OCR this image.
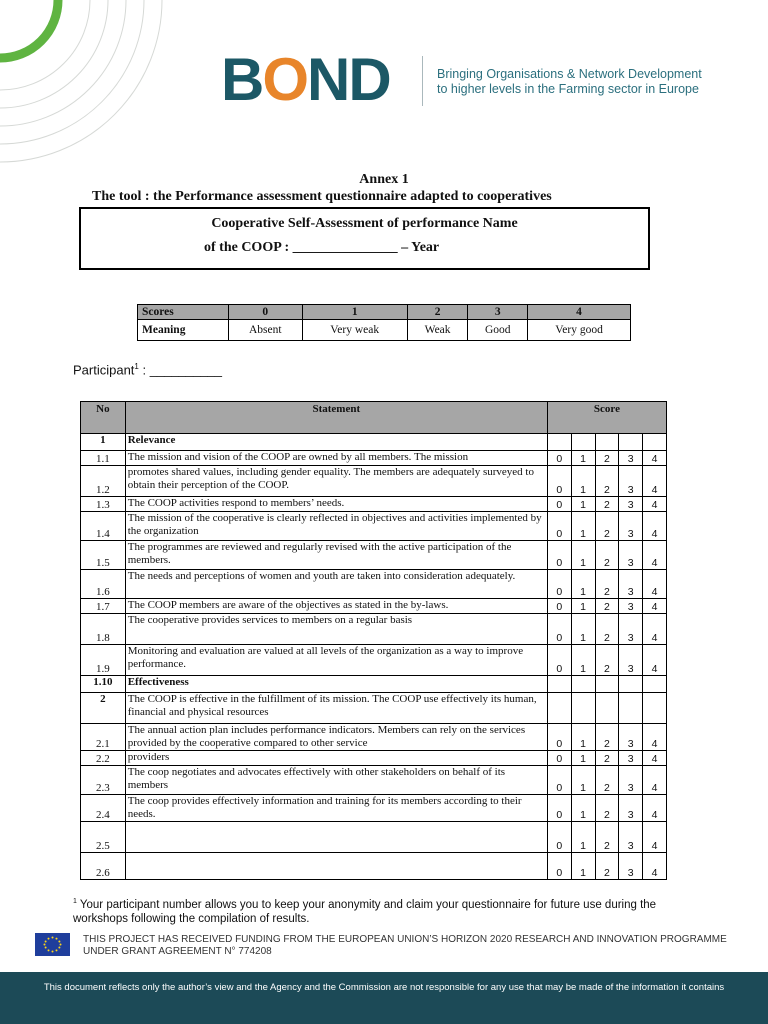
BOND	Bringing Organisations & Network Development
to higher levels in the Farming sector in Europe
Annex 1
The tool : the Performance assessment questionnaire adapted to cooperatives
Cooperative Self-Assessment of performance Name
of the COOP : _______________ – Year
Scores	0	1	2	3	4
Meaning	Absent	Very weak	Weak	Good	Very good
Participant$^1$ : __________
No	Statement	Score				
1	Relevance					
1.1	The mission and vision of the COOP are owned by all members. The mission	0	1	2	3	4
1.2	promotes shared values, including gender equality. The members are adequately surveyed to obtain their perception of the COOP.	0	1	2	3	4
1.3	The COOP activities respond to members’ needs.	0	1	2	3	4
1.4	The mission of the cooperative is clearly reflected in objectives and activities implemented by the organization	0	1	2	3	4
1.5	The programmes are reviewed and regularly revised with the active participation of the members.	0	1	2	3	4
1.6	The needs and perceptions of women and youth are taken into consideration adequately.	0	1	2	3	4
1.7	The COOP members are aware of the objectives as stated in the by-laws.	0	1	2	3	4
1.8	The cooperative provides services to members on a regular basis	0	1	2	3	4
1.9	Monitoring and evaluation are valued at all levels of the organization as a way to improve performance.	0	1	2	3	4
1.10	Effectiveness					
2	The COOP is effective in the fulfillment of its mission. The COOP use effectively its human, financial and physical resources					
2.1	The annual action plan includes performance indicators. Members can rely on the services provided by the cooperative compared to other service	0	1	2	3	4
2.2	providers	0	1	2	3	4
2.3	The coop negotiates and advocates effectively with other stakeholders on behalf of its members	0	1	2	3	4
2.4	The coop provides effectively information and training for its members according to their needs.	0	1	2	3	4
2.5		0	1	2	3	4
2.6		0	1	2	3	4
$^1$ Your participant number allows you to keep your anonymity and claim your questionnaire for future use during the workshops following the compilation of results.
THIS PROJECT HAS RECEIVED FUNDING FROM THE EUROPEAN UNION’S HORIZON 2020 RESEARCH AND INNOVATION PROGRAMME
UNDER GRANT AGREEMENT N° 774208
This document reflects only the author’s view and the Agency and the Commission are not responsible for any use that may be made of the information it contains
